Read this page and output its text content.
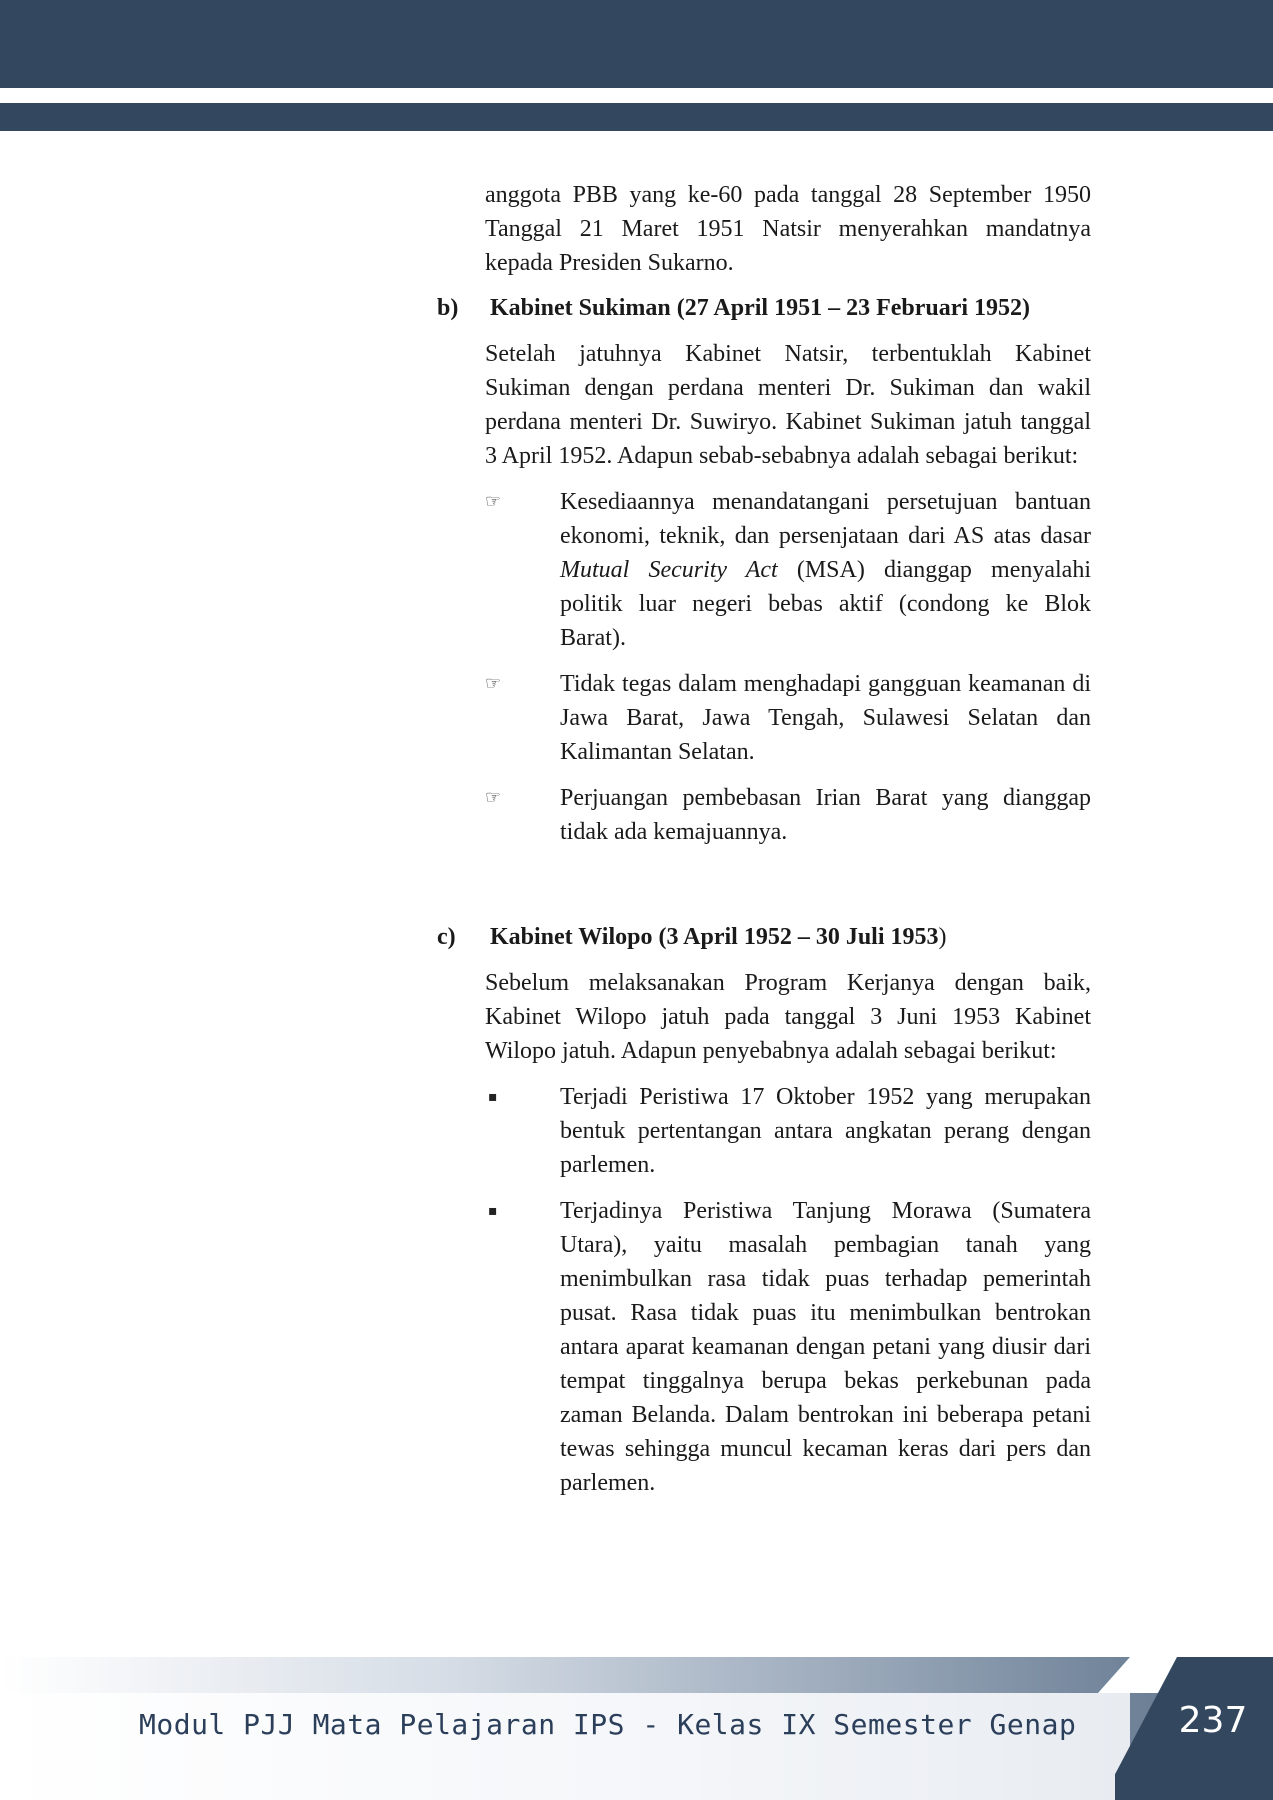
anggota PBB yang ke-60 pada tanggal 28 September 1950 Tanggal 21 Maret 1951 Natsir menyerahkan mandatnya kepada Presiden Sukarno.

b)	Kabinet Sukiman (27 April 1951 – 23 Februari 1952)

Setelah jatuhnya Kabinet Natsir, terbentuklah Kabinet Sukiman dengan perdana menteri Dr. Sukiman dan wakil perdana menteri Dr. Suwiryo. Kabinet Sukiman jatuh tanggal 3 April 1952. Adapun sebab-sebabnya adalah sebagai berikut:

☞	Kesediaannya menandatangani persetujuan bantuan ekonomi, teknik, dan persenjataan dari AS atas dasar Mutual Security Act (MSA) dianggap menyalahi politik luar negeri bebas aktif (condong ke Blok Barat).
☞	Tidak tegas dalam menghadapi gangguan keamanan di Jawa Barat, Jawa Tengah, Sulawesi Selatan dan Kalimantan Selatan.
☞	Perjuangan pembebasan Irian Barat yang dianggap tidak ada kemajuannya.
c)	Kabinet Wilopo (3 April 1952 – 30 Juli 1953)

Sebelum melaksanakan Program Kerjanya dengan baik, Kabinet Wilopo jatuh pada tanggal 3 Juni 1953 Kabinet Wilopo jatuh. Adapun penyebabnya adalah sebagai berikut:

▪	Terjadi Peristiwa 17 Oktober 1952 yang merupakan bentuk pertentangan antara angkatan perang dengan parlemen.
▪	Terjadinya Peristiwa Tanjung Morawa (Sumatera Utara), yaitu masalah pembagian tanah yang menimbulkan rasa tidak puas terhadap pemerintah pusat. Rasa tidak puas itu menimbulkan bentrokan antara aparat keamanan dengan petani yang diusir dari tempat tinggalnya berupa bekas perkebunan pada zaman Belanda. Dalam bentrokan ini beberapa petani tewas sehingga muncul kecaman keras dari pers dan parlemen.
Modul PJJ Mata Pelajaran IPS - Kelas IX Semester Genap	237
